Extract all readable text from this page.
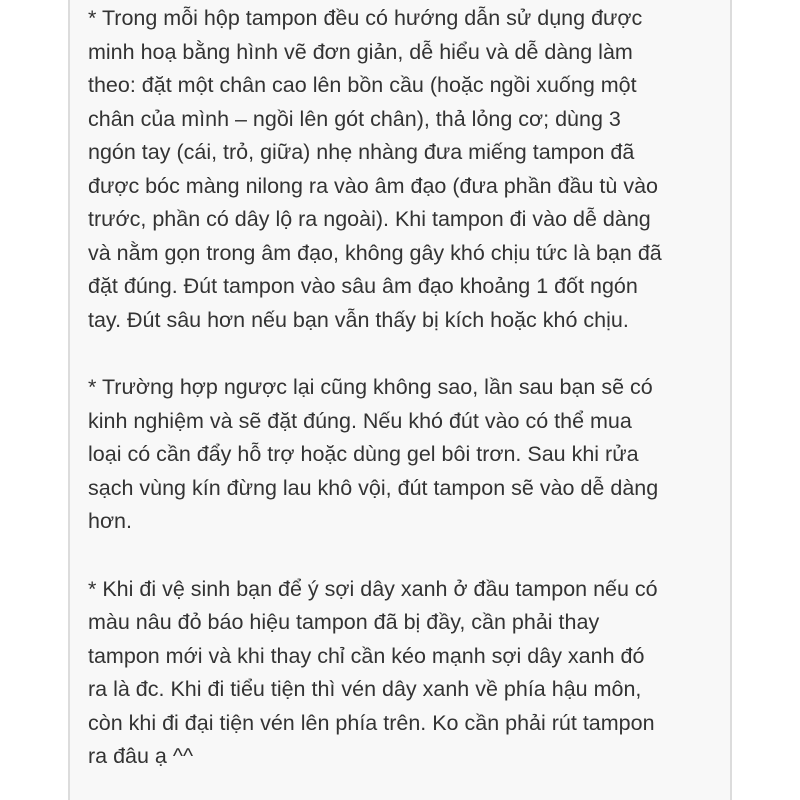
* Trong mỗi hộp tampon đều có hướng dẫn sử dụng được
minh hoạ bằng hình vẽ đơn giản, dễ hiểu và dễ dàng làm
theo: đặt một chân cao lên bồn cầu (hoặc ngồi xuống một
chân của mình – ngồi lên gót chân), thả lỏng cơ; dùng 3
ngón tay (cái, trỏ, giữa) nhẹ nhàng đưa miếng tampon đã
được bóc màng nilong ra vào âm đạo (đưa phần đầu tù vào
trước, phần có dây lộ ra ngoài). Khi tampon đi vào dễ dàng
và nằm gọn trong âm đạo, không gây khó chịu tức là bạn đã
đặt đúng. Đút tampon vào sâu âm đạo khoảng 1 đốt ngón
tay. Đút sâu hơn nếu bạn vẫn thấy bị kích hoặc khó chịu.

* Trường hợp ngược lại cũng không sao, lần sau bạn sẽ có
kinh nghiệm và sẽ đặt đúng. Nếu khó đút vào có thể mua
loại có cần đẩy hỗ trợ hoặc dùng gel bôi trơn. Sau khi rửa
sạch vùng kín đừng lau khô vội, đút tampon sẽ vào dễ dàng
hơn.

* Khi đi vệ sinh bạn để ý sợi dây xanh ở đầu tampon nếu có
màu nâu đỏ báo hiệu tampon đã bị đầy, cần phải thay
tampon mới và khi thay chỉ cần kéo mạnh sợi dây xanh đó
ra là đc. Khi đi tiểu tiện thì vén dây xanh về phía hậu môn,
còn khi đi đại tiện vén lên phía trên. Ko cần phải rút tampon
ra đâu ạ ^^
